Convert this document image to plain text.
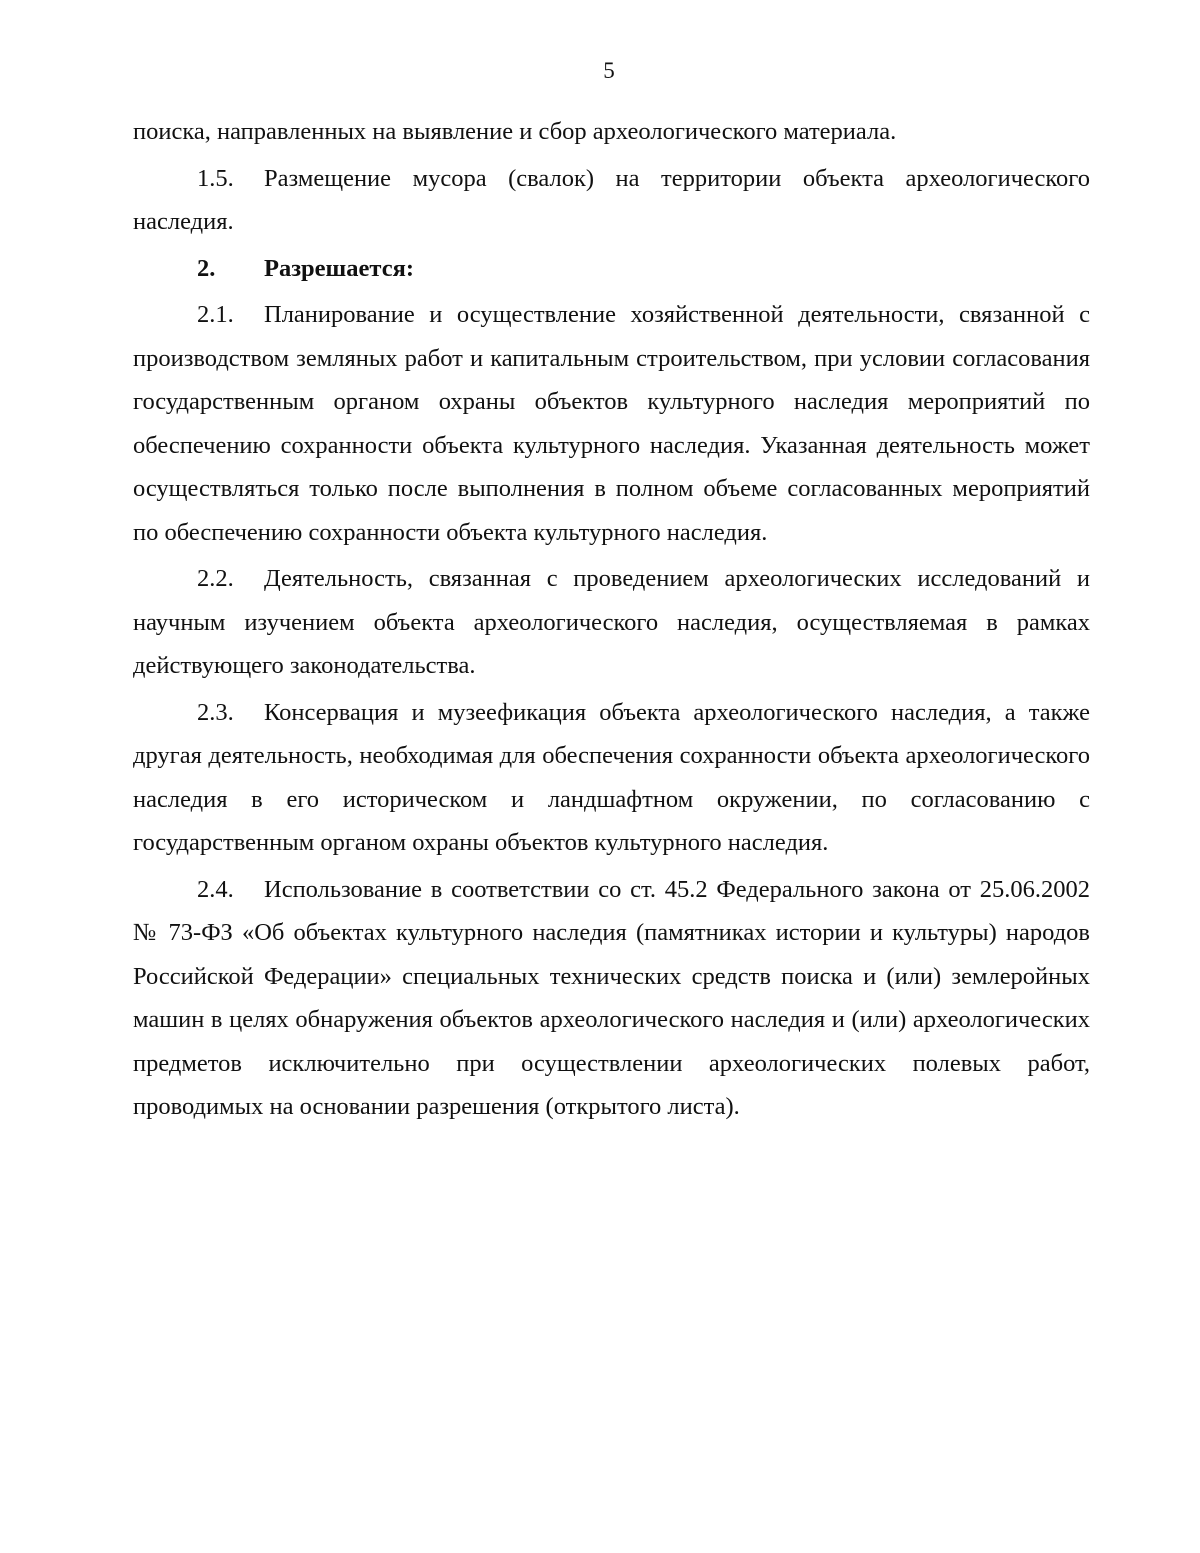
5

поиска, направленных на выявление и сбор археологического материала.

1.5. Размещение мусора (свалок) на территории объекта археологического наследия.

2. Разрешается:

2.1. Планирование и осуществление хозяйственной деятельности, связанной с производством земляных работ и капитальным строительством, при условии согласования государственным органом охраны объектов культурного наследия мероприятий по обеспечению сохранности объекта культурного наследия. Указанная деятельность может осуществляться только после выполнения в полном объеме согласованных мероприятий по обеспечению сохранности объекта культурного наследия.

2.2. Деятельность, связанная с проведением археологических исследований и научным изучением объекта археологического наследия, осуществляемая в рамках действующего законодательства.

2.3. Консервация и музеефикация объекта археологического наследия, а также другая деятельность, необходимая для обеспечения сохранности объекта археологического наследия в его историческом и ландшафтном окружении, по согласованию с государственным органом охраны объектов культурного наследия.

2.4. Использование в соответствии со ст. 45.2 Федерального закона от 25.06.2002 № 73-ФЗ «Об объектах культурного наследия (памятниках истории и культуры) народов Российской Федерации» специальных технических средств поиска и (или) землеройных машин в целях обнаружения объектов археологического наследия и (или) археологических предметов исключительно при осуществлении археологических полевых работ, проводимых на основании разрешения (открытого листа).
